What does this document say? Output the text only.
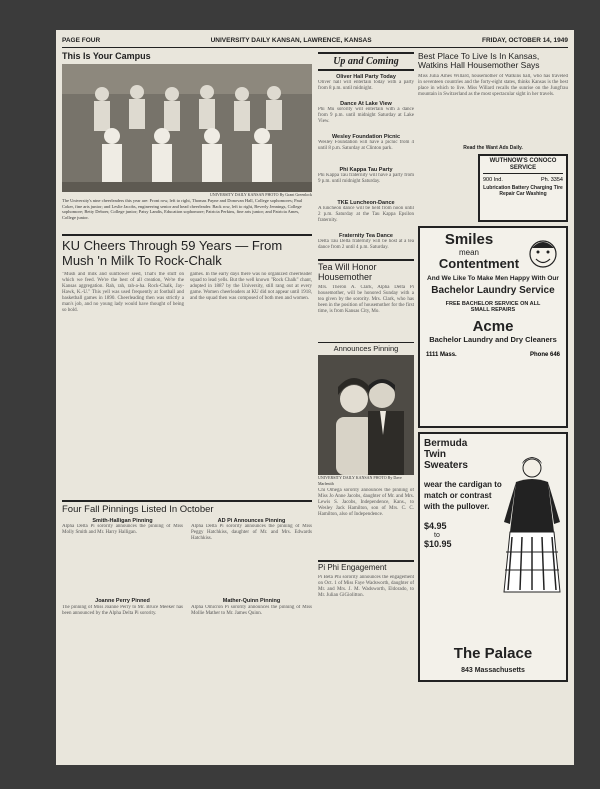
PAGE FOUR	UNIVERSITY DAILY KANSAN, LAWRENCE, KANSAS	FRIDAY, OCTOBER 14, 1949
This Is Your Campus
UNIVERSITY DAILY KANSAN PHOTO By Grant Greenlock
The University's nine cheerleaders this year are: Front row, left to right, Thomas Payne and Donovan Hall, College sophomores; Paul Coker, fine arts junior; and Leslie Jacobs, engineering senior and head cheerleader. Back row, left to right, Beverly Jennings, College sophomore; Betty Deboer, College junior; Patsy Landis, Education sophomore; Patricia Perkins, fine arts junior; and Patricia Ames, College junior.
KU Cheers Through 59 Years — From Mush 'n Milk To Rock-Chalk
"Mush and milk and sunflower seed, That's the stuff on which we feed. We're the best of all creation, We're the Kansas aggregation. Rah, rah, rah-a-ha. Rock-Chalk, Jay-Hawk, K.-U." This yell was used frequently at football and basketball games in 1890. Cheerleading then was strictly a man's job, and no young lady would have thought of being so bold.
games. In the early days there was no organized cheerleader squad to lead yells. But the well known "Rock Chalk" chant, adopted in 1887 by the University, still rang out at every game. Women cheerleaders at KU did not appear until 1918, and the squad then was composed of both men and women.
Four Fall Pinnings Listed In October
Smith-Halligan Pinning
Alpha Delta Pi sorority announces the pinning of Miss Molly Smith and Mr. Harry Halligan.
AD Pi Announces Pinning
Alpha Delta Pi sorority announces the pinning of Miss Peggy Hatchkiss, daughter of Mr. and Mrs. Edwards Hatchkiss.
Joanne Perry Pinned
The pinning of Miss Joanne Perry to Mr. Bruce Meeker has been announced by the Alpha Delta Pi sorority.
Mather-Quinn Pinning
Alpha Omicron Pi sorority announces the pinning of Miss Mollie Mather to Mr. James Quinn.
Up and Coming
Oliver Hall Party Today
Oliver hall will entertain today with a party from 8 p.m. until midnight.
Dance At Lake View
Phi Mu sorority will entertain with a dance from 9 p.m. until midnight Saturday at Lake View.
Wesley Foundation Picnic
Wesley Foundation will have a picnic from 4 until 8 p.m. Saturday at Clinton park.
Phi Kappa Tau Party
Phi Kappa Tau fraternity will have a party from 9 p.m. until midnight Saturday.
TKE Luncheon-Dance
A luncheon dance will be held from noon until 2 p.m. Saturday at the Tau Kappa Epsilon fraternity.
Fraternity Tea Dance
Delta Tau Delta fraternity will be host at a tea dance from 2 until 4 p.m. Saturday.
Tea Will Honor Housemother
Mrs. Theron A. Clark, Alpha Delta Pi housemother, will be honored Sunday with a tea given by the sorority. Mrs. Clark, who has been in the position of housemother for the first time, is from Kansas City, Mo.
Announces Pinning
UNIVERSITY DAILY KANSAN PHOTO By Dave Marlenith
Chi Omega sorority announces the pinning of Miss Jo Anne Jacobs, daughter of Mr. and Mrs. Lewis S. Jacobs, Independence, Kans., to Wesley Jack Hamilton, son of Mrs. C. C. Hamilton, also of Independence.
Pi Phi Engagement
Pi Beta Phi sorority announces the engagement on Oct. 1 of Miss Faye Wadsworth, daughter of Mr. and Mrs. J. M. Wadsworth, Eldorado, to Mr. Julian GiGiolitton.
Best Place To Live Is In Kansas, Watkins Hall Housemother Says
Miss Julia Ames Willard, housemother of Watkins hall, who has traveled in seventeen countries and the forty-eight states, thinks Kansas is the best place in which to live. Miss Willard recalls the sunrise on the Jungfrau mountain in Switzerland as the most spectacular sight in her travels.
Read the Want Ads Daily.
WUTHNOW'S CONOCO SERVICE
900 Ind.	Ph. 3354
Lubrication Battery Charging Tire Repair Car Washing
Smiles
mean
Contentment
And We Like To Make Men Happy With Our
Bachelor Laundry Service
FREE BACHELOR SERVICE ON ALL SMALL REPAIRS
Acme
Bachelor Laundry and Dry Cleaners
1111 Mass.	Phone 646
Bermuda
Twin
Sweaters
wear the cardigan to match or contrast with the pullover.
$4.95
to
$10.95
The Palace
843 Massachusetts
